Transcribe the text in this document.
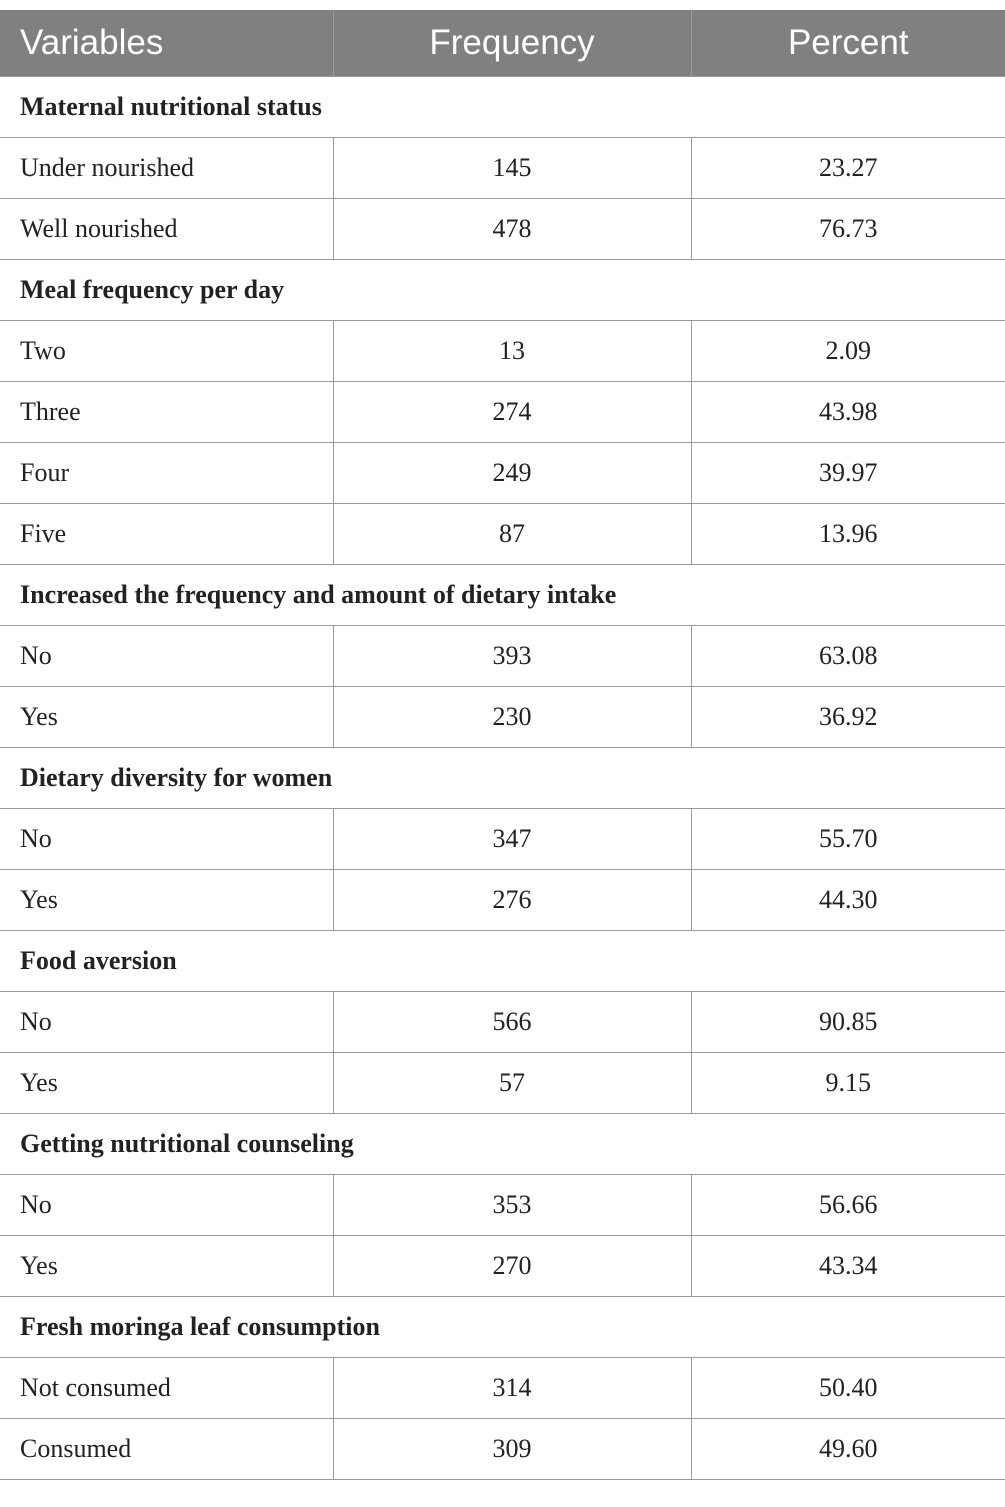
Variables	Frequency	Percent
Maternal nutritional status		
Under nourished	145	23.27
Well nourished	478	76.73
Meal frequency per day		
Two	13	2.09
Three	274	43.98
Four	249	39.97
Five	87	13.96
Increased the frequency and amount of dietary intake		
No	393	63.08
Yes	230	36.92
Dietary diversity for women		
No	347	55.70
Yes	276	44.30
Food aversion		
No	566	90.85
Yes	57	9.15
Getting nutritional counseling		
No	353	56.66
Yes	270	43.34
Fresh moringa leaf consumption		
Not consumed	314	50.40
Consumed	309	49.60
